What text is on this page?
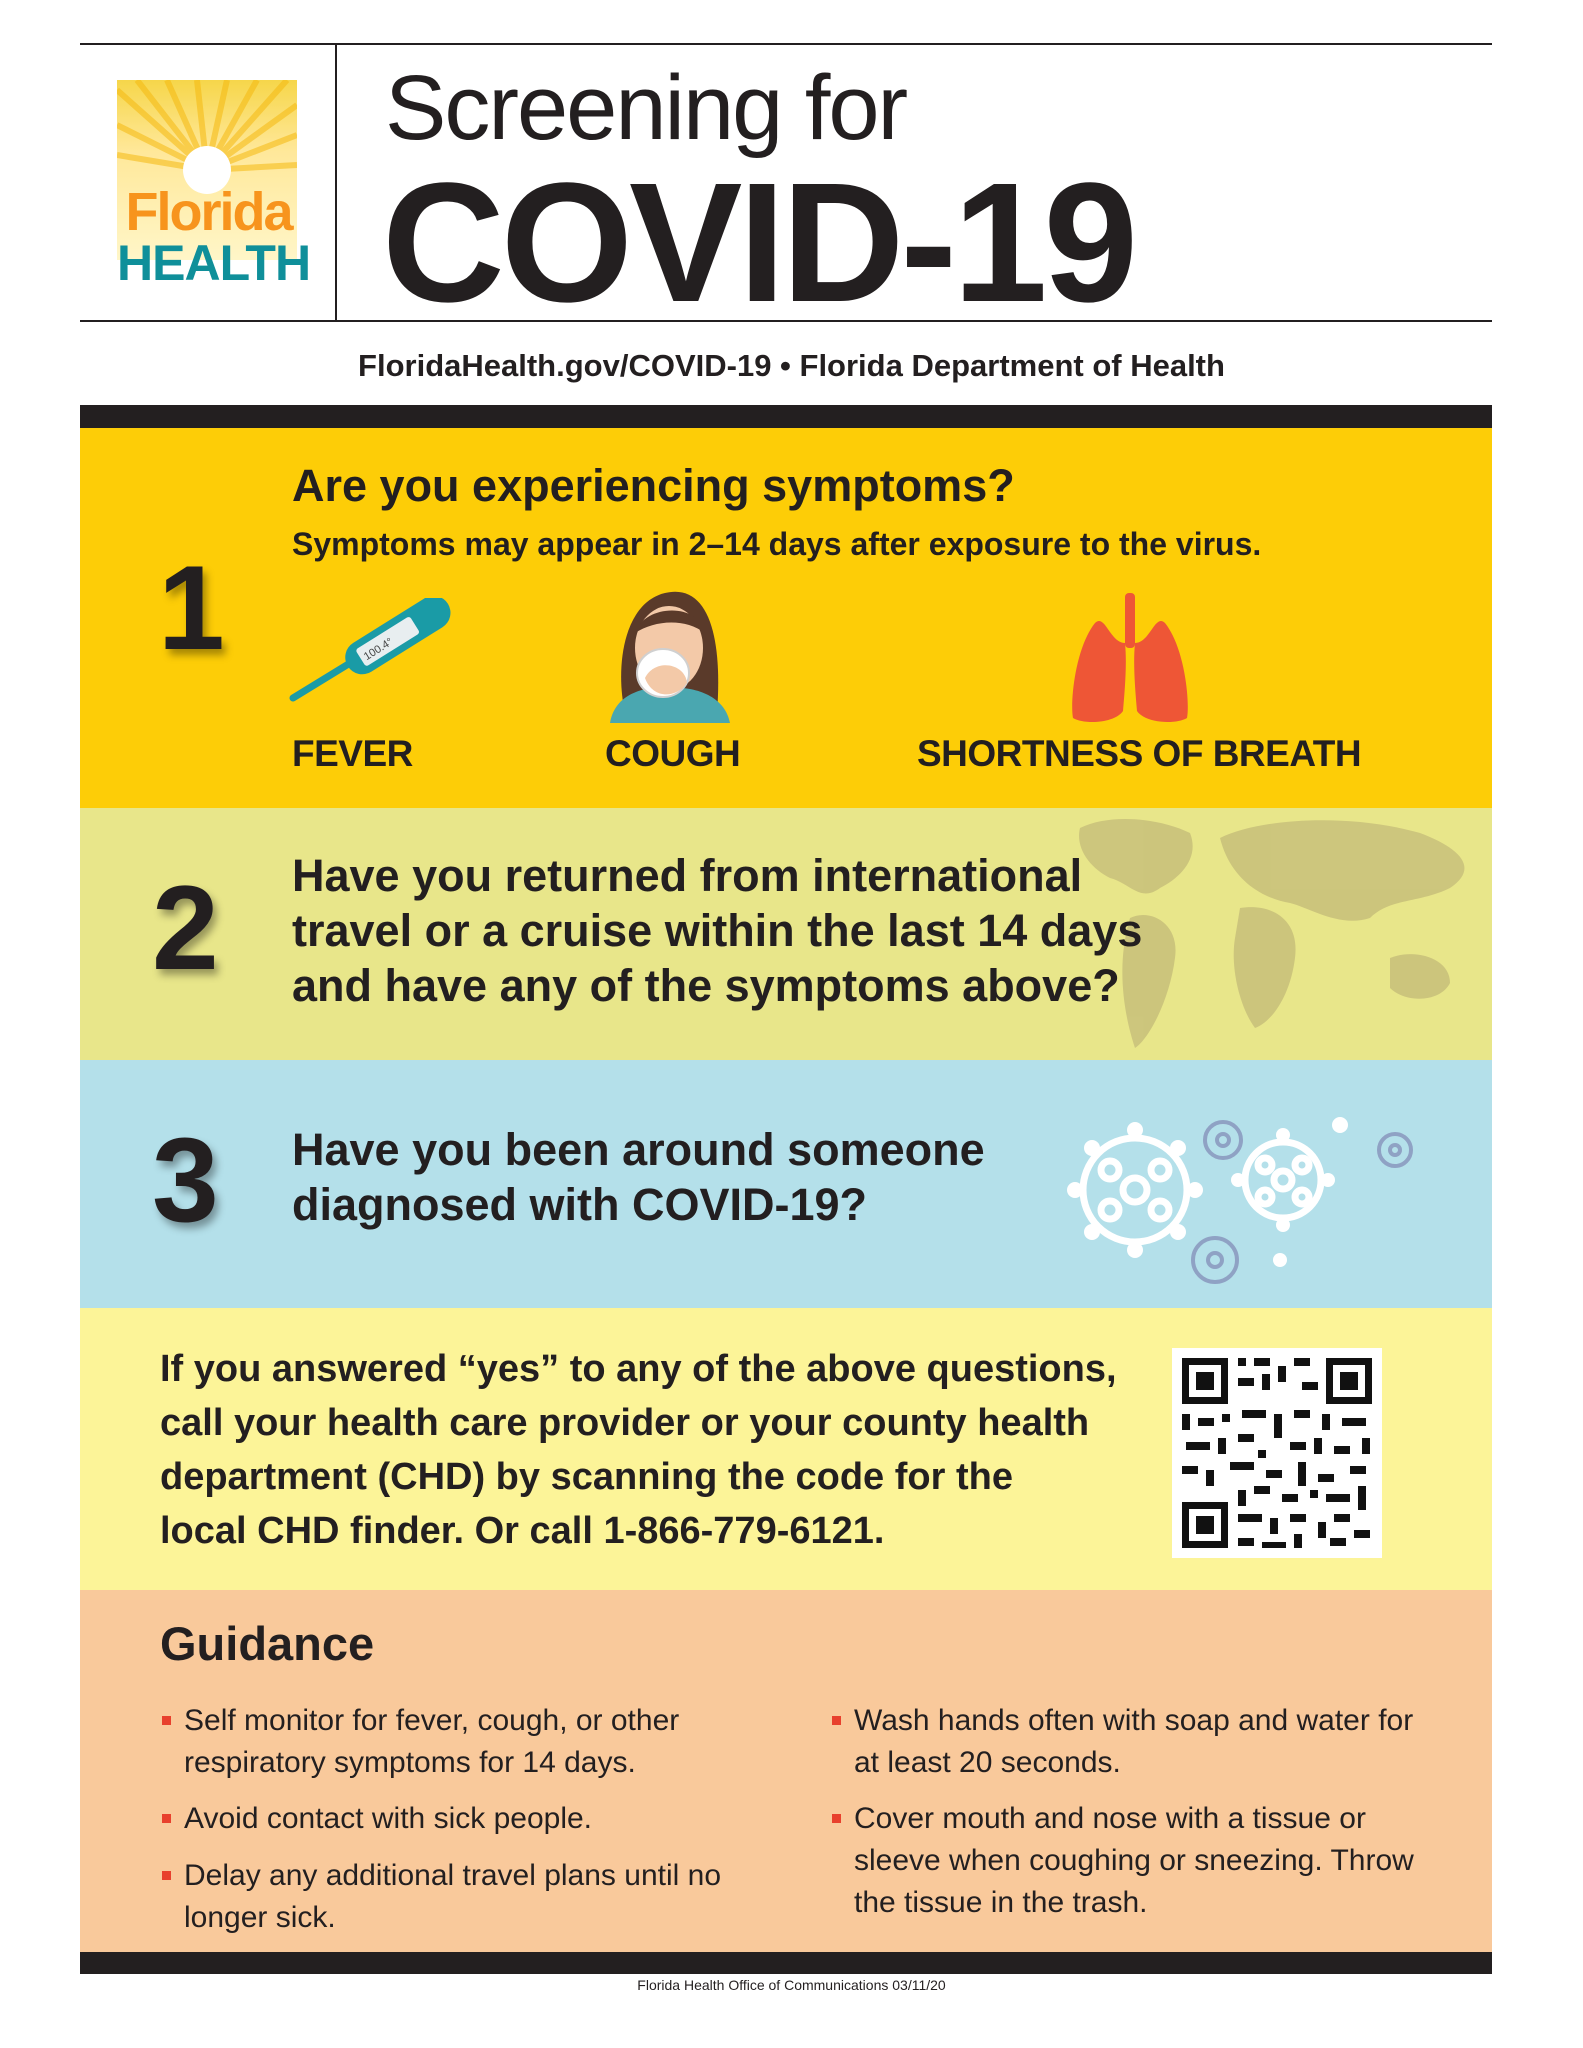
Florida
HEALTH
Screening for
COVID-19
FloridaHealth.gov/COVID-19 • Florida Department of Health
1
Are you experiencing symptoms?
Symptoms may appear in 2–14 days after exposure to the virus.
100.4°
FEVER	COUGH	SHORTNESS OF BREATH
2 Have you returned from international
travel or a cruise within the last 14 days
and have any of the symptoms above?
3 Have you been around someone
diagnosed with COVID-19?
If you answered “yes” to any of the above questions,
call your health care provider or your county health
department (CHD) by scanning the code for the
local CHD finder. Or call 1-866-779-6121.
Guidance
Self monitor for fever, cough, or other
respiratory symptoms for 14 days.
Avoid contact with sick people.
Delay any additional travel plans until no
longer sick.
Wash hands often with soap and water for
at least 20 seconds.
Cover mouth and nose with a tissue or
sleeve when coughing or sneezing. Throw
the tissue in the trash.
Florida Health Office of Communications 03/11/20
